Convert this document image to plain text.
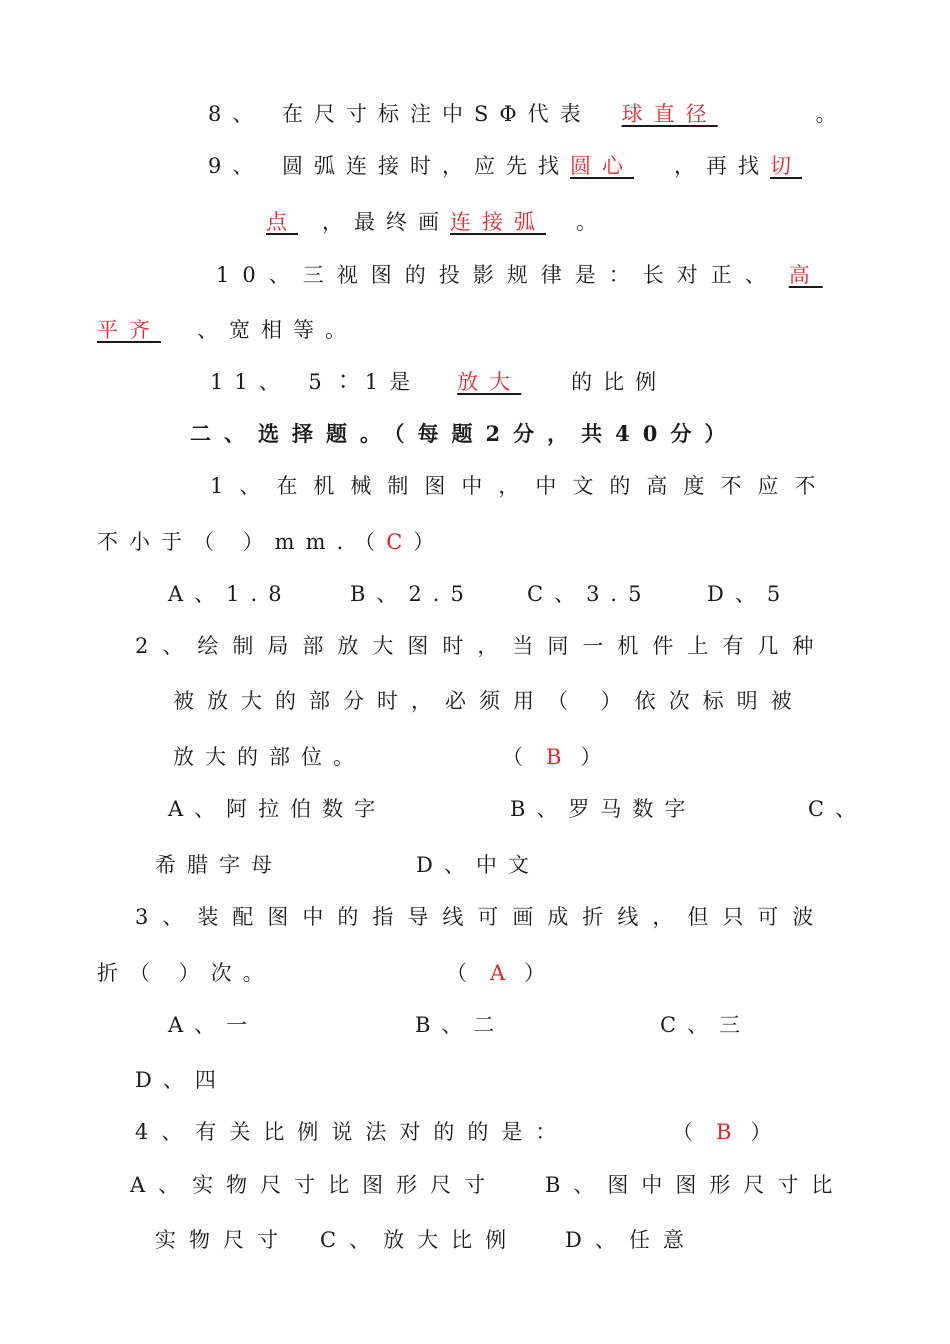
8、 在尺寸标注中SΦ代表 球直径	。
9、 圆弧连接时，应先找圆心 ，再找切
点 ，最终画连接弧 。
10、三视图的投影规律是：长对正、 高
平齐 、宽相等。
11、 5∶1是 放大 的比例
二、选择题。（每题2分，共40分）
1、在机械制图中，中文的高度不应不
不小于（ ）mm.（C）
A、1.8	B、2.5 C、3.5	D、5
2、绘制局部放大图时，当同一机件上有几种
被放大的部分时，必须用（ ）依次标明被
放大的部位。	（ B ）
A、阿拉伯数字	B、罗马数字	C、
希腊字母	D、中文
3、装配图中的指导线可画成折线，但只可波
折（ ）次。	（ A ）
A、一	B、二	C、三
D、四
4、有关比例说法对的的是：	（ B ）
A、实物尺寸比图形尺寸 B、图中图形尺寸比
实物尺寸 C、放大比例 D、任意
